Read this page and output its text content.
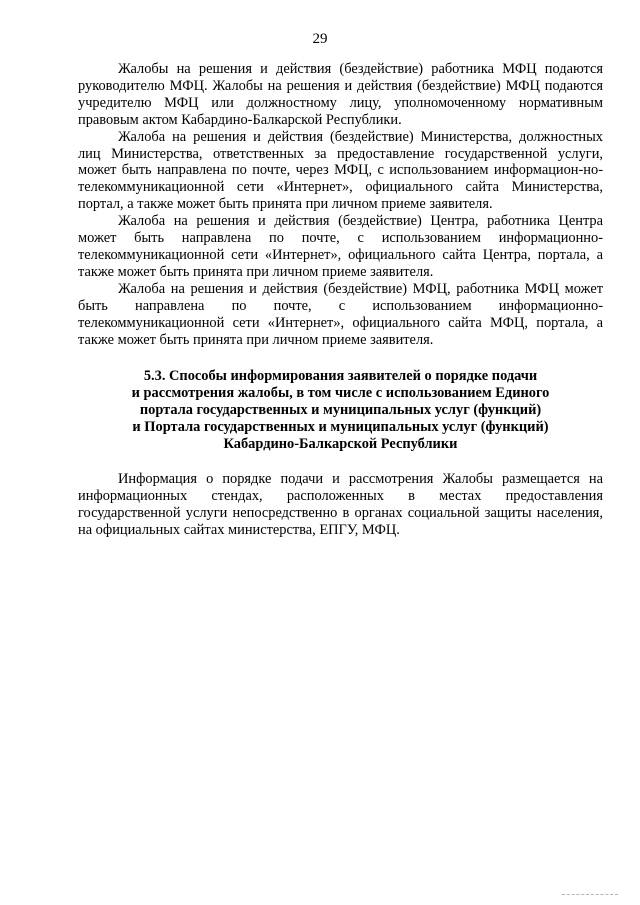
29

Жалобы на решения и действия (бездействие) работника МФЦ подаются руководителю МФЦ. Жалобы на решения и действия (бездействие) МФЦ подаются учредителю МФЦ или должностному лицу, уполномоченному нормативным правовым актом Кабардино-Балкарской Республики.

Жалоба на решения и действия (бездействие) Министерства, должностных лиц Министерства, ответственных за предоставление государственной услуги, может быть направлена по почте, через МФЦ, с использованием информацион-но-телекоммуникационной сети «Интернет», официального сайта Министерства, портал, а также может быть принята при личном приеме заявителя.

Жалоба на решения и действия (бездействие) Центра, работника Центра может быть направлена по почте, с использованием информационно-телекоммуникационной сети «Интернет», официального сайта Центра, портала, а также может быть принята при личном приеме заявителя.

Жалоба на решения и действия (бездействие) МФЦ, работника МФЦ может быть направлена по почте, с использованием информационно-телекоммуникационной сети «Интернет», официального сайта МФЦ, портала, а также может быть принята при личном приеме заявителя.

5.3. Способы информирования заявителей о порядке подачи
и рассмотрения жалобы, в том числе с использованием Единого
портала государственных и муниципальных услуг (функций)
и Портала государственных и муниципальных услуг (функций)
Кабардино-Балкарской Республики

Информация о порядке подачи и рассмотрения Жалобы размещается на информационных стендах, расположенных в местах предоставления государственной услуги непосредственно в органах социальной защиты населения, на официальных сайтах министерства, ЕПГУ, МФЦ.
